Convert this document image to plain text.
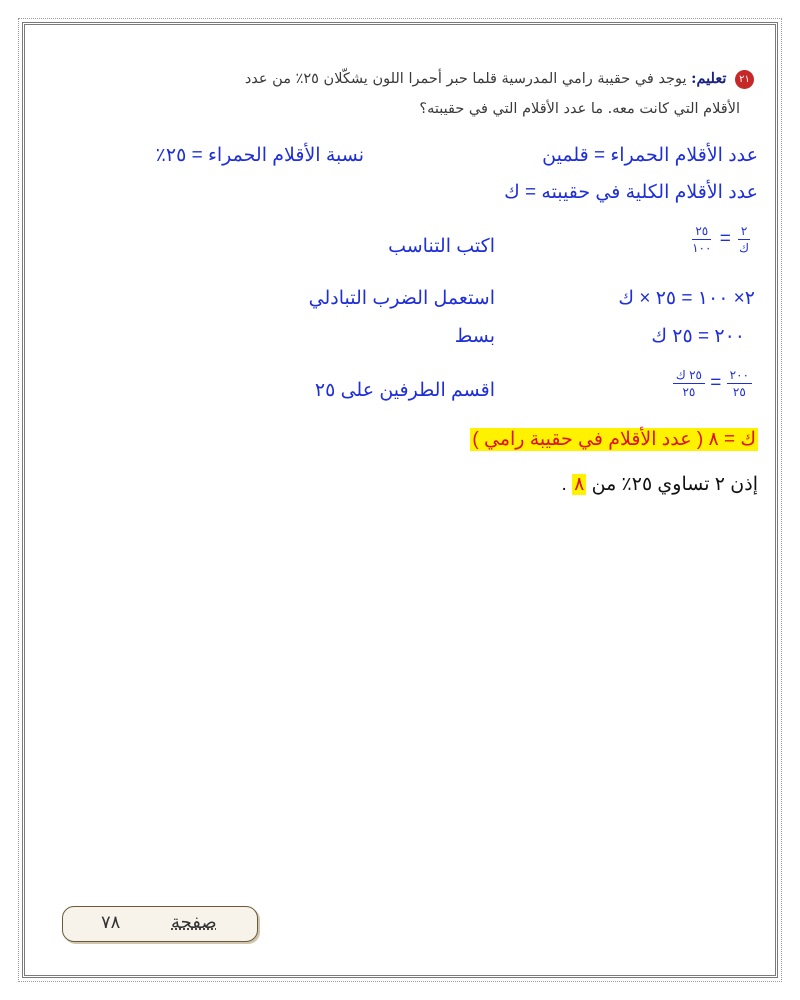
٢١ تعليم: يوجد في حقيبة رامي المدرسية قلما حبر أحمرا اللون يشكّلان ٢٥٪ من عدد
الأقلام التي كانت معه. ما عدد الأقلام التي في حقيبته؟
عدد الأقلام الحمراء = قلمين
نسبة الأقلام الحمراء = ٢٥٪
عدد الأقلام الكلية في حقيبته = ك
$\frac{٢}{\text{ك}}$
=
$\frac{٢٥}{١٠٠}$
اكتب التناسب
٢× ١٠٠ = ٢٥ × ك
استعمل الضرب التبادلي
٢٠٠ = ٢٥ ك
بسط
$\frac{٢٠٠}{٢٥}$
=
$\frac{\text{٢٥ ك}}{٢٥}$
اقسم الطرفين على ٢٥
ك = ٨ ( عدد الأقلام في حقيبة رامي )
إذن ٢ تساوي ٢٥٪ من ٨ .
٧٨	صفحة
